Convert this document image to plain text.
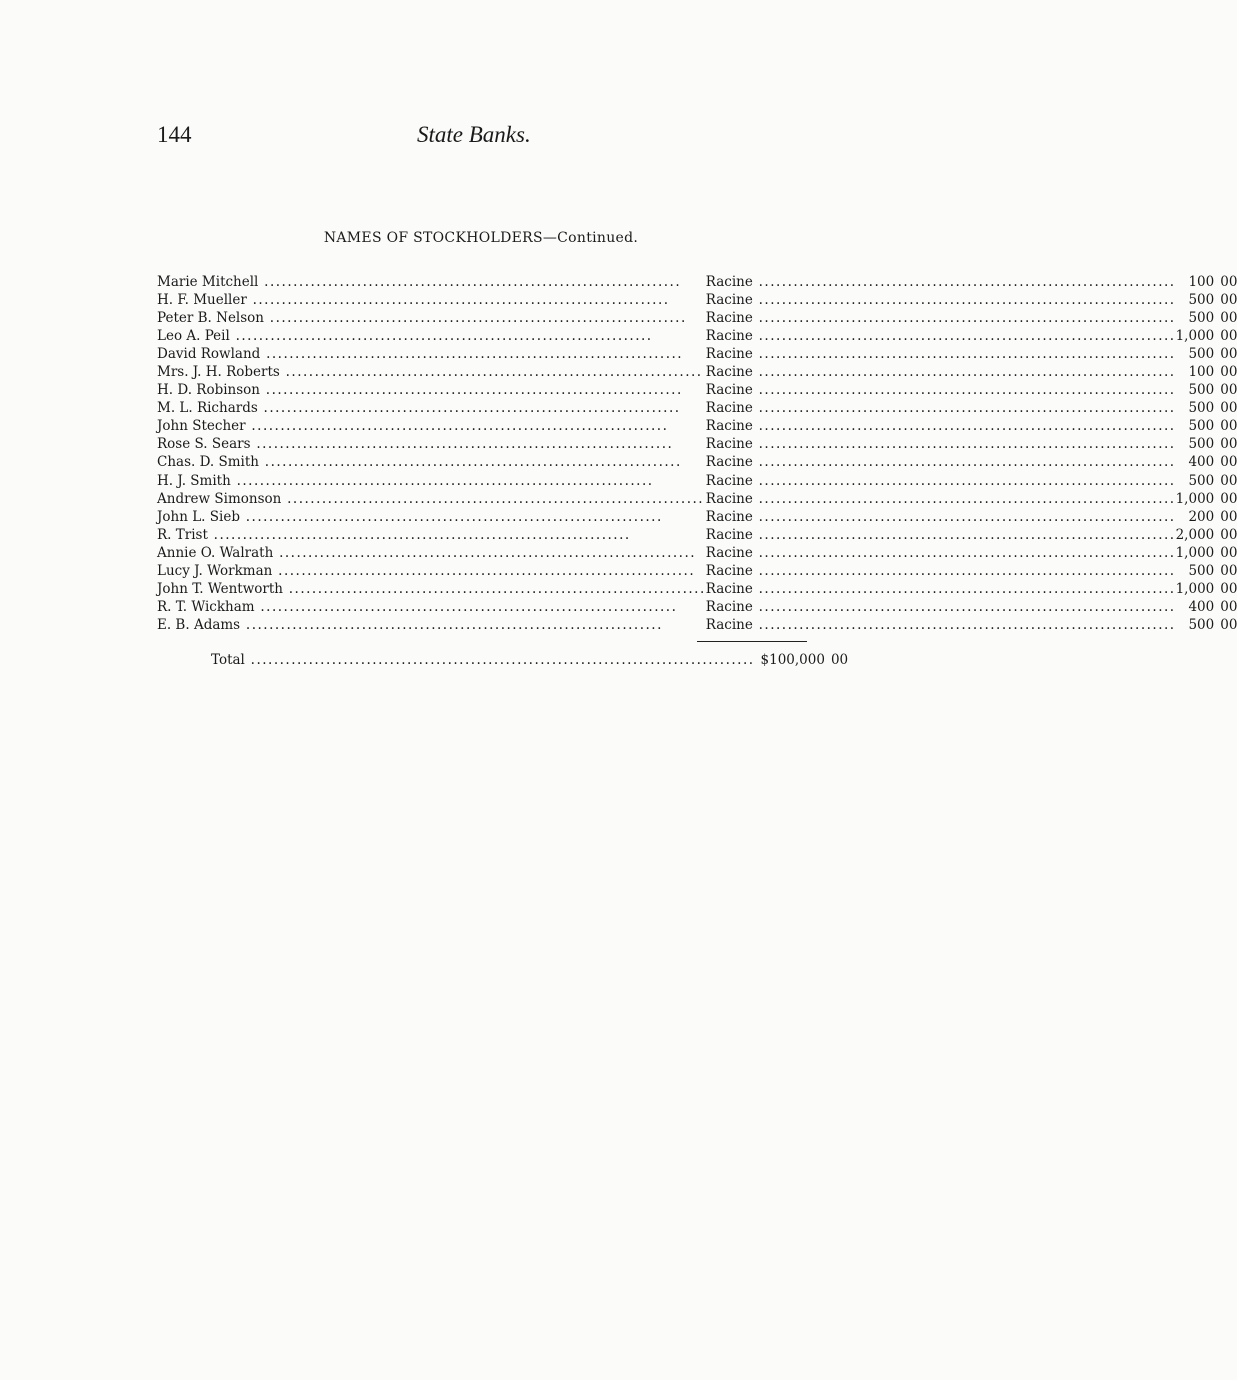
144	State Banks.
NAMES OF STOCKHOLDERS—Continued.
Marie Mitchell .....	Racine .....	100	00

H. F. Mueller .....	Racine .....	500	00

Peter B. Nelson .....	Racine .....	500	00

Leo A. Peil .....	Racine .....	1,000	00

David Rowland .....	Racine .....	500	00

Mrs. J. H. Roberts .....	Racine .....	100	00

H. D. Robinson .....	Racine .....	500	00

M. L. Richards .....	Racine .....	500	00

John Stecher .....	Racine .....	500	00

Rose S. Sears .....	Racine .....	500	00

Chas. D. Smith .....	Racine .....	400	00

H. J. Smith .....	Racine .....	500	00

Andrew Simonson .....	Racine .....	1,000	00

John L. Sieb .....	Racine .....	200	00

R. Trist .....	Racine .....	2,000	00

Annie O. Walrath .....	Racine .....	1,000	00

Lucy J. Workman .....	Racine .....	500	00

John T. Wentworth .....	Racine .....	1,000	00

R. T. Wickham .....	Racine .....	400	00

E. B. Adams .....	Racine .....	500	00
Total .....	$100,000 00
